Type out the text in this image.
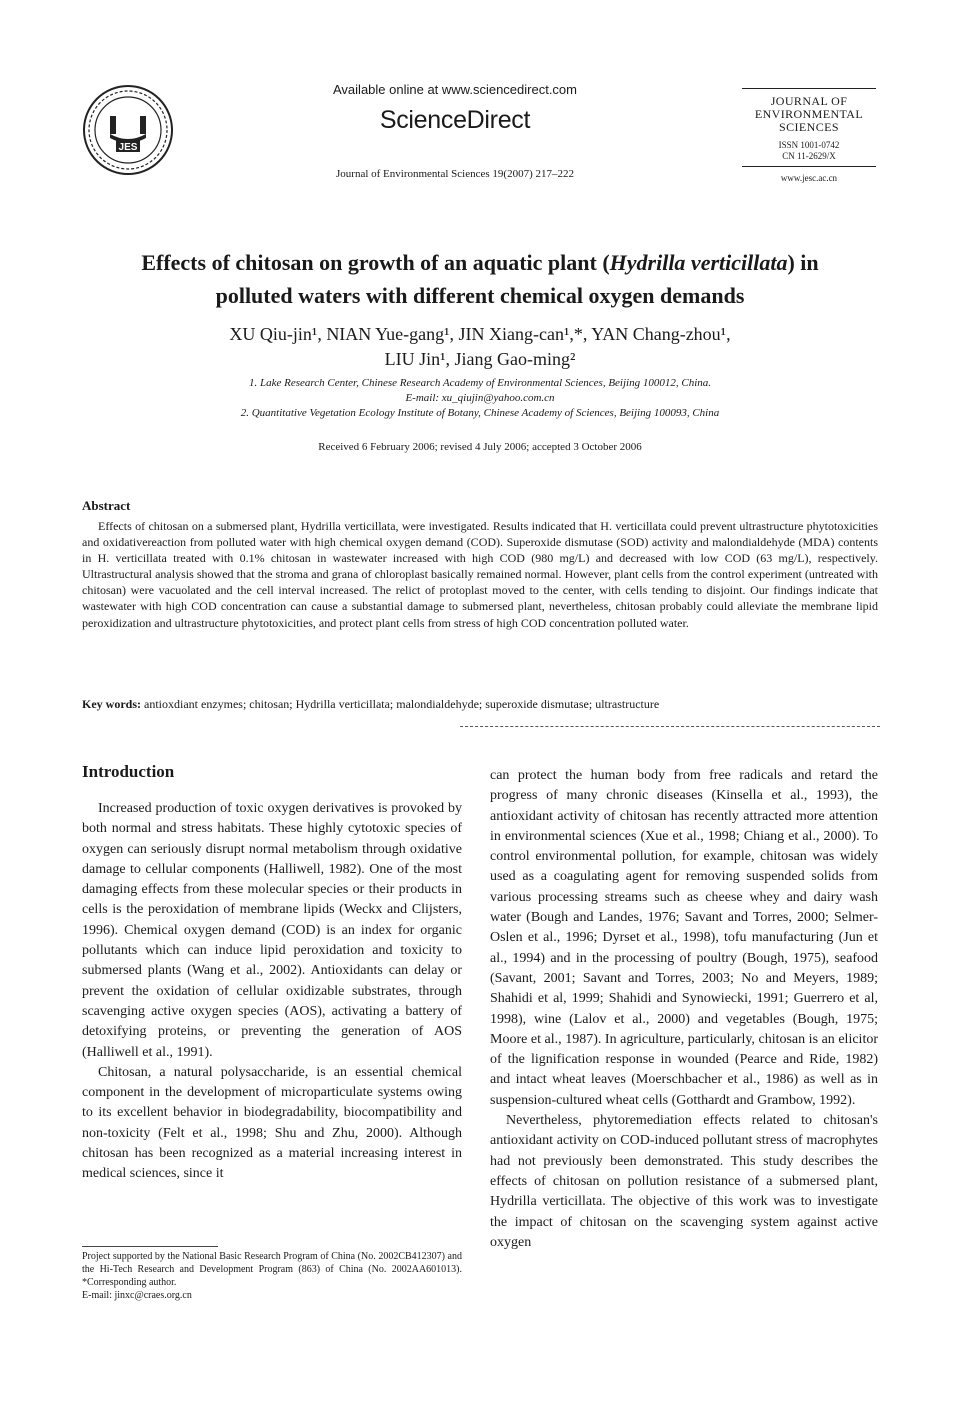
JES
Available online at www.sciencedirect.com
ScienceDirect
Journal of Environmental Sciences 19(2007) 217–222
JOURNAL OF
ENVIRONMENTAL
SCIENCES
ISSN 1001-0742
CN 11-2629/X
www.jesc.ac.cn
Effects of chitosan on growth of an aquatic plant (Hydrilla verticillata) in
polluted waters with different chemical oxygen demands
XU Qiu-jin¹, NIAN Yue-gang¹, JIN Xiang-can¹,*, YAN Chang-zhou¹,
LIU Jin¹, Jiang Gao-ming²
1. Lake Research Center, Chinese Research Academy of Environmental Sciences, Beijing 100012, China.
E-mail: xu_qiujin@yahoo.com.cn
2. Quantitative Vegetation Ecology Institute of Botany, Chinese Academy of Sciences, Beijing 100093, China
Received 6 February 2006; revised 4 July 2006; accepted 3 October 2006
Abstract

Effects of chitosan on a submersed plant, Hydrilla verticillata, were investigated. Results indicated that H. verticillata could prevent ultrastructure phytotoxicities and oxidativereaction from polluted water with high chemical oxygen demand (COD). Superoxide dismutase (SOD) activity and malondialdehyde (MDA) contents in H. verticillata treated with 0.1% chitosan in wastewater increased with high COD (980 mg/L) and decreased with low COD (63 mg/L), respectively. Ultrastructural analysis showed that the stroma and grana of chloroplast basically remained normal. However, plant cells from the control experiment (untreated with chitosan) were vacuolated and the cell interval increased. The relict of protoplast moved to the center, with cells tending to disjoint. Our findings indicate that wastewater with high COD concentration can cause a substantial damage to submersed plant, nevertheless, chitosan probably could alleviate the membrane lipid peroxidization and ultrastructure phytotoxicities, and protect plant cells from stress of high COD concentration polluted water.

Key words: antioxdiant enzymes; chitosan; Hydrilla verticillata; malondialdehyde; superoxide dismutase; ultrastructure
Introduction

Increased production of toxic oxygen derivatives is provoked by both normal and stress habitats. These highly cytotoxic species of oxygen can seriously disrupt normal metabolism through oxidative damage to cellular components (Halliwell, 1982). One of the most damaging effects from these molecular species or their products in cells is the peroxidation of membrane lipids (Weckx and Clijsters, 1996). Chemical oxygen demand (COD) is an index for organic pollutants which can induce lipid peroxidation and toxicity to submersed plants (Wang et al., 2002). Antioxidants can delay or prevent the oxidation of cellular oxidizable substrates, through scavenging active oxygen species (AOS), activating a battery of detoxifying proteins, or preventing the generation of AOS (Halliwell et al., 1991).

Chitosan, a natural polysaccharide, is an essential chemical component in the development of microparticulate systems owing to its excellent behavior in biodegradability, biocompatibility and non-toxicity (Felt et al., 1998; Shu and Zhu, 2000). Although chitosan has been recognized as a material increasing interest in medical sciences, since it

can protect the human body from free radicals and retard the progress of many chronic diseases (Kinsella et al., 1993), the antioxidant activity of chitosan has recently attracted more attention in environmental sciences (Xue et al., 1998; Chiang et al., 2000). To control environmental pollution, for example, chitosan was widely used as a coagulating agent for removing suspended solids from various processing streams such as cheese whey and dairy wash water (Bough and Landes, 1976; Savant and Torres, 2000; Selmer-Oslen et al., 1996; Dyrset et al., 1998), tofu manufacturing (Jun et al., 1994) and in the processing of poultry (Bough, 1975), seafood (Savant, 2001; Savant and Torres, 2003; No and Meyers, 1989; Shahidi et al, 1999; Shahidi and Synowiecki, 1991; Guerrero et al, 1998), wine (Lalov et al., 2000) and vegetables (Bough, 1975; Moore et al., 1987). In agriculture, particularly, chitosan is an elicitor of the lignification response in wounded (Pearce and Ride, 1982) and intact wheat leaves (Moerschbacher et al., 1986) as well as in suspension-cultured wheat cells (Gotthardt and Grambow, 1992).

Nevertheless, phytoremediation effects related to chitosan's antioxidant activity on COD-induced pollutant stress of macrophytes had not previously been demonstrated. This study describes the effects of chitosan on pollution resistance of a submersed plant, Hydrilla verticillata. The objective of this work was to investigate the impact of chitosan on the scavenging system against active oxygen

Project supported by the National Basic Research Program of China (No. 2002CB412307) and the Hi-Tech Research and Development Program (863) of China (No. 2002AA601013). *Corresponding author.
E-mail: jinxc@craes.org.cn
